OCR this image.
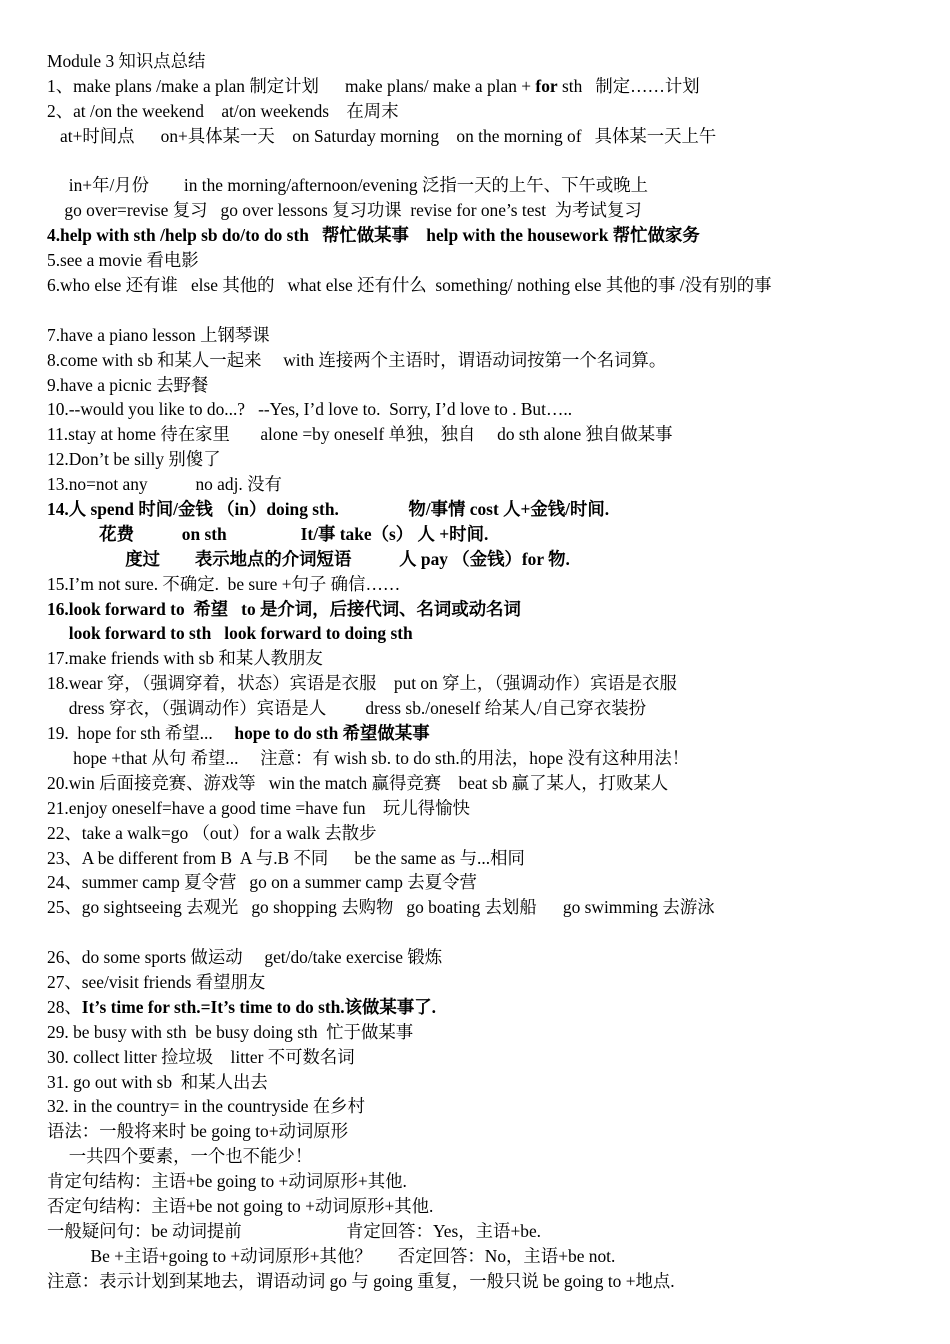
Module 3 知识点总结
1、make plans /make a plan 制定计划      make plans/ make a plan + for sth   制定……计划
2、at /on the weekend    at/on weekends    在周末
at+时间点      on+具体某一天    on Saturday morning    on the morning of   具体某一天上午
in+年/月份        in the morning/afternoon/evening 泛指一天的上午、下午或晚上
go over=revise 复习   go over lessons 复习功课  revise for one’s test  为考试复习
4.help with sth /help sb do/to do sth   帮忙做某事    help with the housework 帮忙做家务
5.see a movie 看电影
6.who else 还有谁   else 其他的   what else 还有什么  something/ nothing else 其他的事 /没有别的事
7.have a piano lesson 上钢琴课
8.come with sb 和某人一起来     with 连接两个主语时，谓语动词按第一个名词算。
9.have a picnic 去野餐
10.--would you like to do...?   --Yes, I’d love to.  Sorry, I’d love to . But…..
11.stay at home 待在家里       alone =by oneself 单独，独自     do sth alone 独自做某事
12.Don’t be silly 别傻了
13.no=not any           no adj. 没有
14.人 spend 时间/金钱 （in）doing sth.                物/事情 cost 人+金钱/时间.
花费           on sth                 It/事 take（s） 人 +时间.
度过        表示地点的介词短语           人 pay （金钱）for 物.
15.I’m not sure. 不确定.  be sure +句子 确信……
16.look forward to  希望   to 是介词，后接代词、名词或动名词
look forward to sth   look forward to doing sth
17.make friends with sb 和某人教朋友
18.wear 穿，（强调穿着，状态）宾语是衣服    put on 穿上，（强调动作）宾语是衣服
dress 穿衣，（强调动作）宾语是人         dress sb./oneself 给某人/自己穿衣装扮
19.  hope for sth 希望...     hope to do sth 希望做某事
hope +that 从句 希望...     注意：有 wish sb. to do sth.的用法，hope 没有这种用法！
20.win 后面接竞赛、游戏等   win the match 赢得竞赛    beat sb 赢了某人，打败某人
21.enjoy oneself=have a good time =have fun    玩儿得愉快
22、take a walk=go （out）for a walk 去散步
23、A be different from B  A 与.B 不同      be the same as 与...相同
24、summer camp 夏令营   go on a summer camp 去夏令营
25、go sightseeing 去观光   go shopping 去购物   go boating 去划船      go swimming 去游泳
26、do some sports 做运动     get/do/take exercise 锻炼
27、see/visit friends 看望朋友
28、It’s time for sth.=It’s time to do sth.该做某事了.
29. be busy with sth  be busy doing sth  忙于做某事
30. collect litter 捡垃圾    litter 不可数名词
31. go out with sb  和某人出去
32. in the country= in the countryside 在乡村
语法：一般将来时 be going to+动词原形
一共四个要素，一个也不能少！
肯定句结构：主语+be going to +动词原形+其他.
否定句结构：主语+be not going to +动词原形+其他.
一般疑问句：be 动词提前                        肯定回答：Yes，主语+be.
Be +主语+going to +动词原形+其他？      否定回答：No，主语+be not.
注意：表示计划到某地去，谓语动词 go 与 going 重复，一般只说 be going to +地点.
